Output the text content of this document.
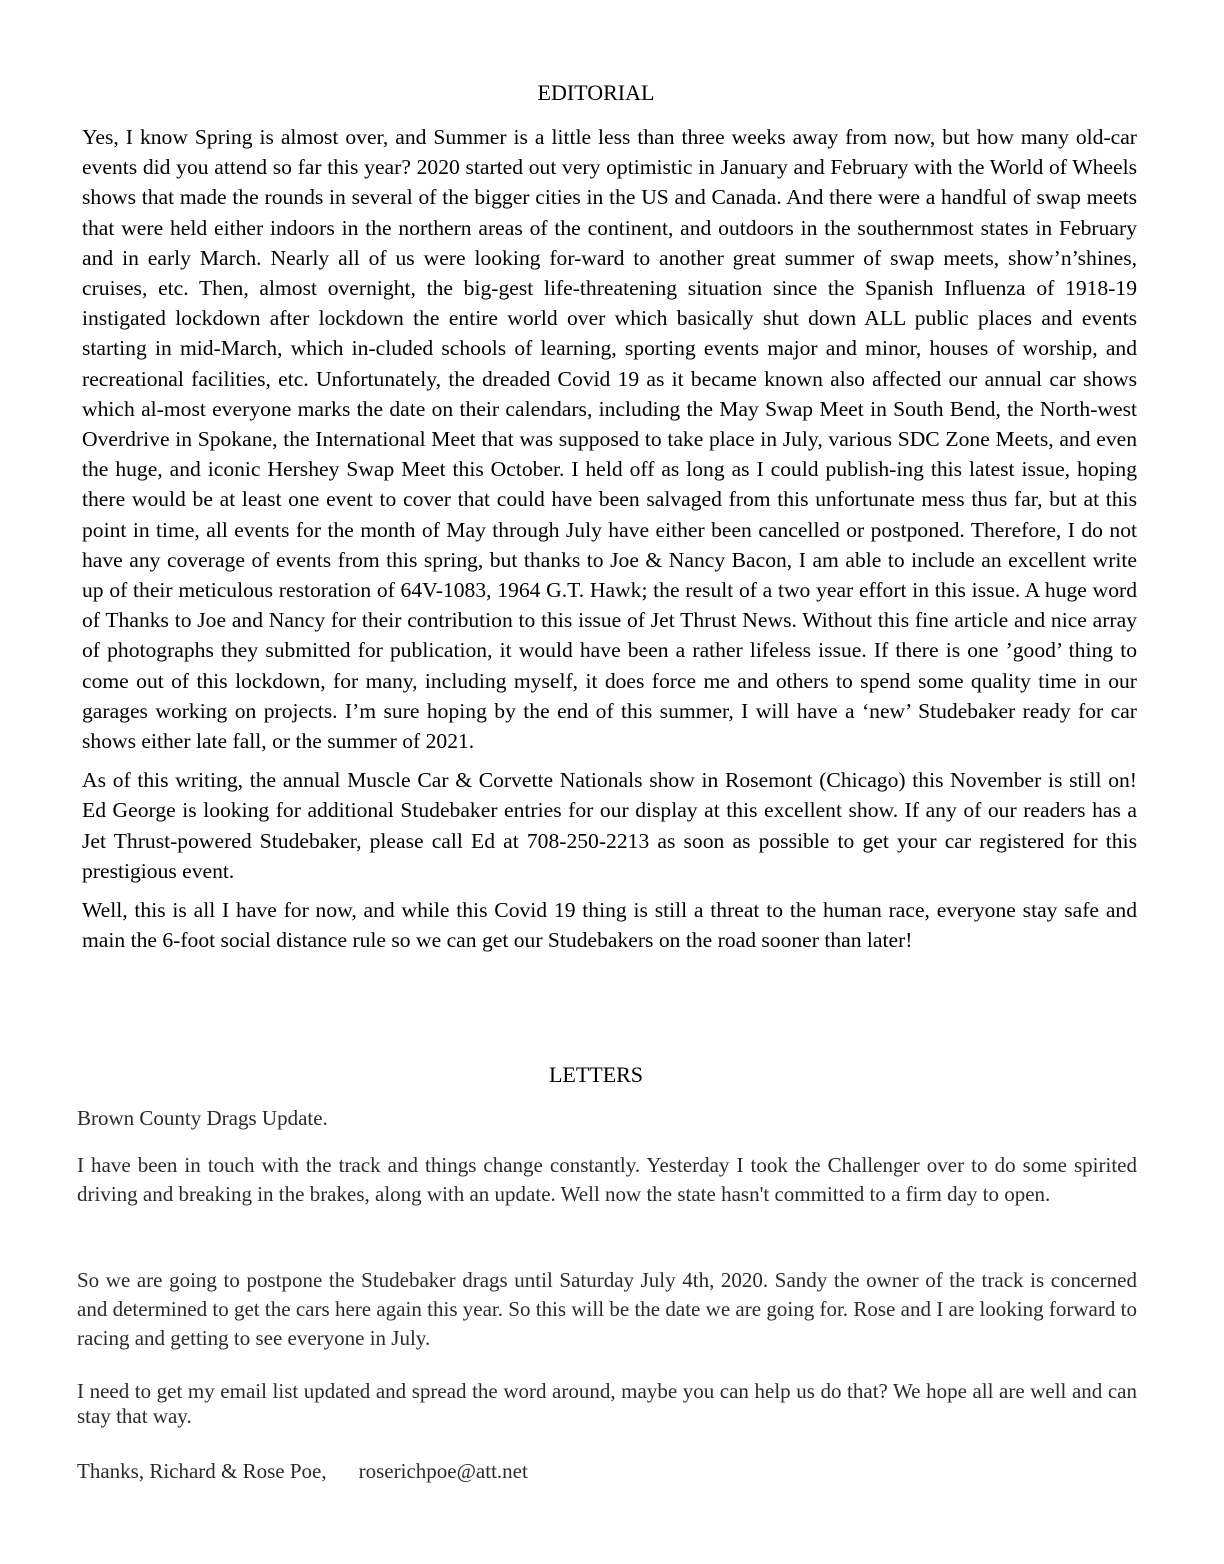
EDITORIAL

Yes, I know Spring is almost over, and Summer is a little less than three weeks away from now, but how many old-car events did you attend so far this year? 2020 started out very optimistic in January and February with the World of Wheels shows that made the rounds in several of the bigger cities in the US and Canada. And there were a handful of swap meets that were held either indoors in the northern areas of the continent, and outdoors in the southernmost states in February and in early March. Nearly all of us were looking for-ward to another great summer of swap meets, show’n’shines, cruises, etc. Then, almost overnight, the big-gest life-threatening situation since the Spanish Influenza of 1918-19 instigated lockdown after lockdown the entire world over which basically shut down ALL public places and events starting in mid-March, which in-cluded schools of learning, sporting events major and minor, houses of worship, and recreational facilities, etc. Unfortunately, the dreaded Covid 19 as it became known also affected our annual car shows which al-most everyone marks the date on their calendars, including the May Swap Meet in South Bend, the North-west Overdrive in Spokane, the International Meet that was supposed to take place in July, various SDC Zone Meets, and even the huge, and iconic Hershey Swap Meet this October. I held off as long as I could publish-ing this latest issue, hoping there would be at least one event to cover that could have been salvaged from this unfortunate mess thus far, but at this point in time, all events for the month of May through July have either been cancelled or postponed. Therefore, I do not have any coverage of events from this spring, but thanks to Joe & Nancy Bacon, I am able to include an excellent write up of their meticulous restoration of 64V-1083, 1964 G.T. Hawk; the result of a two year effort in this issue. A huge word of Thanks to Joe and Nancy for their contribution to this issue of Jet Thrust News. Without this fine article and nice array of photographs they submitted for publication, it would have been a rather lifeless issue. If there is one ’good’ thing to come out of this lockdown, for many, including myself, it does force me and others to spend some quality time in our garages working on projects. I’m sure hoping by the end of this summer, I will have a ‘new’ Studebaker ready for car shows either late fall, or the summer of 2021.

As of this writing, the annual Muscle Car & Corvette Nationals show in Rosemont (Chicago) this November is still on! Ed George is looking for additional Studebaker entries for our display at this excellent show. If any of our readers has a Jet Thrust-powered Studebaker, please call Ed at 708-250-2213 as soon as possible to get your car registered for this prestigious event.

Well, this is all I have for now, and while this Covid 19 thing is still a threat to the human race, everyone stay safe and main the 6-foot social distance rule so we can get our Studebakers on the road sooner than later!

LETTERS
Brown County Drags Update.

I have been in touch with the track and things change constantly. Yesterday I took the Challenger over to do some spirited driving and breaking in the brakes, along with an update. Well now the state hasn't committed to a firm day to open.

So we are going to postpone the Studebaker drags until Saturday July 4th, 2020. Sandy the owner of the track is concerned and determined to get the cars here again this year. So this will be the date we are going for. Rose and I are looking forward to racing and getting to see everyone in July.

I need to get my email list updated and spread the word around, maybe you can help us do that? We hope all are well and can stay that way.

Thanks, Richard & Rose Poe, roserichpoe@att.net
